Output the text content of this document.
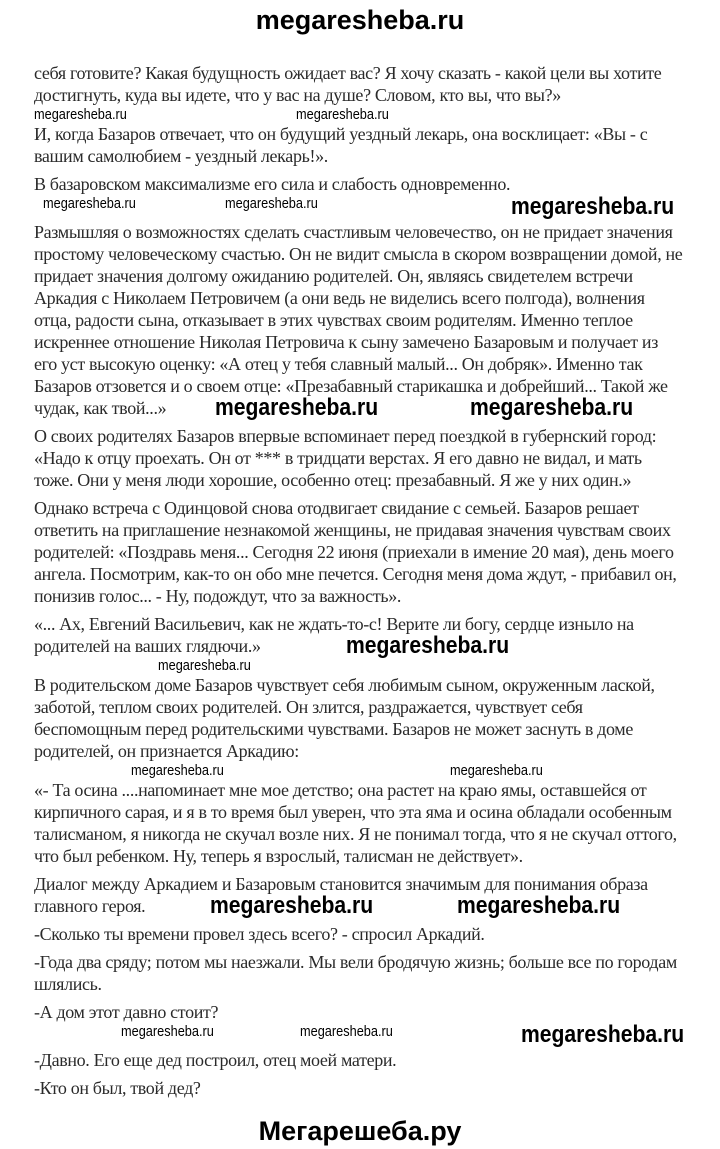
megaresheba.ru
себя готовите? Какая будущность ожидает вас? Я хочу сказать - какой цели вы хотите
достигнуть, куда вы идете, что у вас на душе? Словом, кто вы, что вы?»
megaresheba.ru	megaresheba.ru
И, когда Базаров отвечает, что он будущий уездный лекарь, она восклицает: «Вы - с
вашим самолюбием - уездный лекарь!».
В базаровском максимализме его сила и слабость одновременно.
megaresheba.ru	megaresheba.ru	megaresheba.ru
Размышляя о возможностях сделать счастливым человечество, он не придает значения
простому человеческому счастью. Он не видит смысла в скором возвращении домой, не
придает значения долгому ожиданию родителей. Он, являясь свидетелем встречи
Аркадия с Николаем Петровичем (а они ведь не виделись всего полгода), волнения
отца, радости сына, отказывает в этих чувствах своим родителям. Именно теплое
искреннее отношение Николая Петровича к сыну замечено Базаровым и получает из
его уст высокую оценку: «А отец у тебя славный малый... Он добряк». Именно так
Базаров отзовется и о своем отце: «Презабавный старикашка и добрейший... Такой же
чудак, как твой...» megaresheba.ru	megaresheba.ru
О своих родителях Базаров впервые вспоминает перед поездкой в губернский город:
«Надо к отцу проехать. Он от *** в тридцати верстах. Я его давно не видал, и мать
тоже. Они у меня люди хорошие, особенно отец: презабавный. Я же у них один.»
Однако встреча с Одинцовой снова отодвигает свидание с семьей. Базаров решает
ответить на приглашение незнакомой женщины, не придавая значения чувствам своих
родителей: «Поздравь меня... Сегодня 22 июня (приехали в имение 20 мая), день моего
ангела. Посмотрим, как-то он обо мне печется. Сегодня меня дома ждут, - прибавил он,
понизив голос... - Ну, подождут, что за важность».
«... Ах, Евгений Васильевич, как не ждать-то-с! Верите ли богу, сердце изныло на
родителей на ваших глядючи.»	megaresheba.ru
megaresheba.ru
В родительском доме Базаров чувствует себя любимым сыном, окруженным лаской,
заботой, теплом своих родителей. Он злится, раздражается, чувствует себя
беспомощным перед родительскими чувствами. Базаров не может заснуть в доме
родителей, он признается Аркадию:
megaresheba.ru	megaresheba.ru
«- Та осина ....напоминает мне мое детство; она растет на краю ямы, оставшейся от
кирпичного сарая, и я в то время был уверен, что эта яма и осина обладали особенным
талисманом, я никогда не скучал возле них. Я не понимал тогда, что я не скучал оттого,
что был ребенком. Ну, теперь я взрослый, талисман не действует».
Диалог между Аркадием и Базаровым становится значимым для понимания образа
главного героя.	megaresheba.ru	megaresheba.ru
-Сколько ты времени провел здесь всего? - спросил Аркадий.
-Года два сряду; потом мы наезжали. Мы вели бродячую жизнь; больше все по городам
шлялись.
-А дом этот давно стоит?
megaresheba.ru	megaresheba.ru	megaresheba.ru
-Давно. Его еще дед построил, отец моей матери.
-Кто он был, твой дед?
Мегарешеба.ру
